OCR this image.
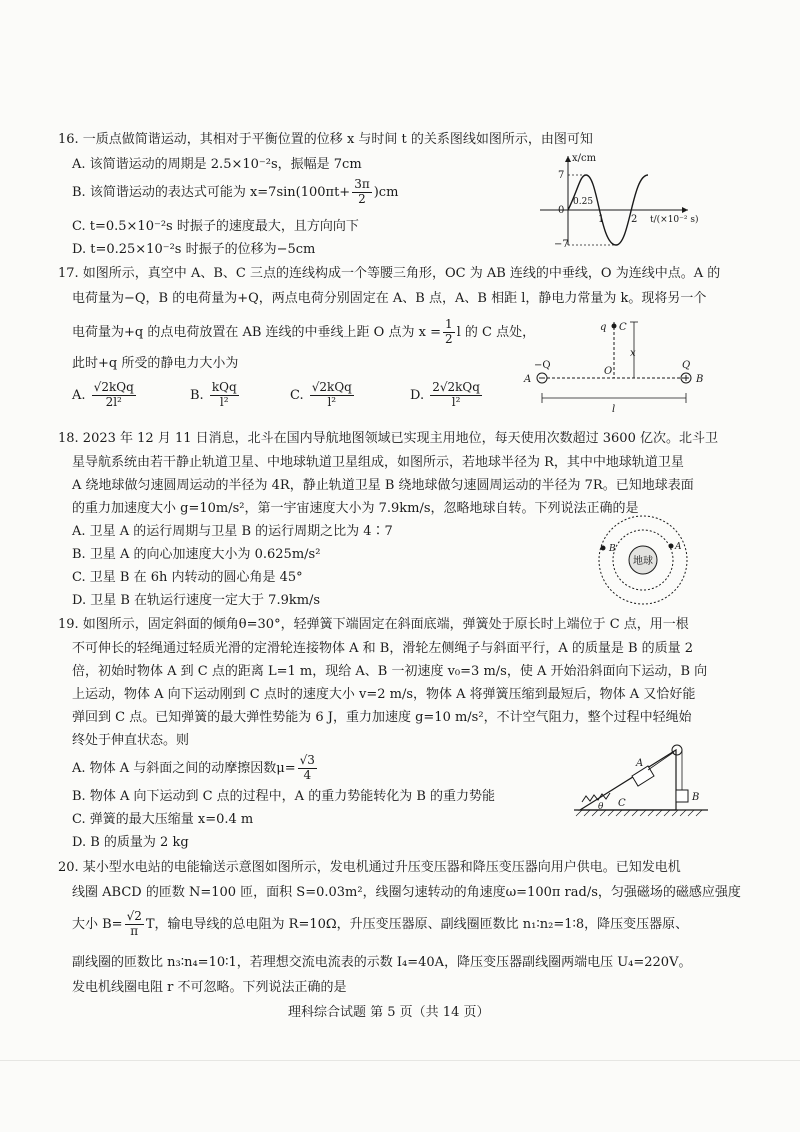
16. 一质点做简谐运动，其相对于平衡位置的位移 x 与时间 t 的关系图线如图所示，由图可知
A. 该简谐运动的周期是 2.5×10⁻²s，振幅是 7cm
B. 该简谐运动的表达式可能为 $x=7\sin(100\pi t+ \frac{3\pi}{2} )cm$
C. t=0.5×10⁻²s 时振子的速度最大，且方向向下
D. t=0.25×10⁻²s 时振子的位移为−5cm
x/cm
7
−7
0
0.25
1	2 t/(×10⁻² s)
17. 如图所示，真空中 A、B、C 三点的连线构成一个等腰三角形，OC 为 AB 连线的中垂线，O 为连线中点。A 的
电荷量为−Q，B 的电荷量为+Q，两点电荷分别固定在 A、B 点，A、B 相距 l，静电力常量为 k。现将另一个
电荷量为+q 的点电荷放置在 AB 连线的中垂线上距 O 点为 $x = \frac{1}{2}$ l 的 C 点处，
此时+q 所受的静电力大小为
A. $\frac{\text{√2kQq}}{\text{2l²}}$	B. $\frac{\text{kQq}}{\text{l²}}$	C. $\frac{\text{√2kQq}}{\text{l²}}$	D. $\frac{\text{2√2kQq}}{\text{l²}}$
q C
x
−Q	Q
A
O
B
l
18. 2023 年 12 月 11 日消息，北斗在国内导航地图领域已实现主用地位，每天使用次数超过 3600 亿次。北斗卫
星导航系统由若干静止轨道卫星、中地球轨道卫星组成，如图所示，若地球半径为 R，其中中地球轨道卫星
A 绕地球做匀速圆周运动的半径为 4R，静止轨道卫星 B 绕地球做匀速圆周运动的半径为 7R。已知地球表面
的重力加速度大小 g=10m/s²，第一宇宙速度大小为 7.9km/s，忽略地球自转。下列说法正确的是
A. 卫星 A 的运行周期与卫星 B 的运行周期之比为 4∶7
B. 卫星 A 的向心加速度大小为 0.625m/s²
C. 卫星 B 在 6h 内转动的圆心角是 45°
D. 卫星 B 在轨运行速度一定大于 7.9km/s
地球
A
B
19. 如图所示，固定斜面的倾角θ=30°，轻弹簧下端固定在斜面底端，弹簧处于原长时上端位于 C 点，用一根
不可伸长的轻绳通过轻质光滑的定滑轮连接物体 A 和 B，滑轮左侧绳子与斜面平行，A 的质量是 B 的质量 2
倍，初始时物体 A 到 C 点的距离 L=1 m，现给 A、B 一初速度 v₀=3 m/s，使 A 开始沿斜面向下运动，B 向
上运动，物体 A 向下运动刚到 C 点时的速度大小 v=2 m/s，物体 A 将弹簧压缩到最短后，物体 A 又恰好能
弹回到 C 点。已知弹簧的最大弹性势能为 6 J，重力加速度 g=10 m/s²，不计空气阻力，整个过程中轻绳始
终处于伸直状态。则
A. 物体 A 与斜面之间的动摩擦因数$\mu= \frac{√3}{4}$
B. 物体 A 向下运动到 C 点的过程中，A 的重力势能转化为 B 的重力势能
C. 弹簧的最大压缩量 x=0.4 m
D. B 的质量为 2 kg
A
B
C
θ
20. 某小型水电站的电能输送示意图如图所示，发电机通过升压变压器和降压变压器向用户供电。已知发电机
线圈 ABCD 的匝数 N=100 匝，面积 S=0.03m²，线圈匀速转动的角速度ω=100π rad/s，匀强磁场的磁感应强度
大小 $B= \frac{√2}{\pi}$ T，输电导线的总电阻为 R=10Ω，升压变压器原、副线圈匝数比 n₁∶n₂=1∶8，降压变压器原、
副线圈的匝数比 n₃∶n₄=10∶1，若理想交流电流表的示数 I₄=40A，降压变压器副线圈两端电压 U₄=220V。
发电机线圈电阻 r 不可忽略。下列说法正确的是
理科综合试题 第 5 页（共 14 页）
